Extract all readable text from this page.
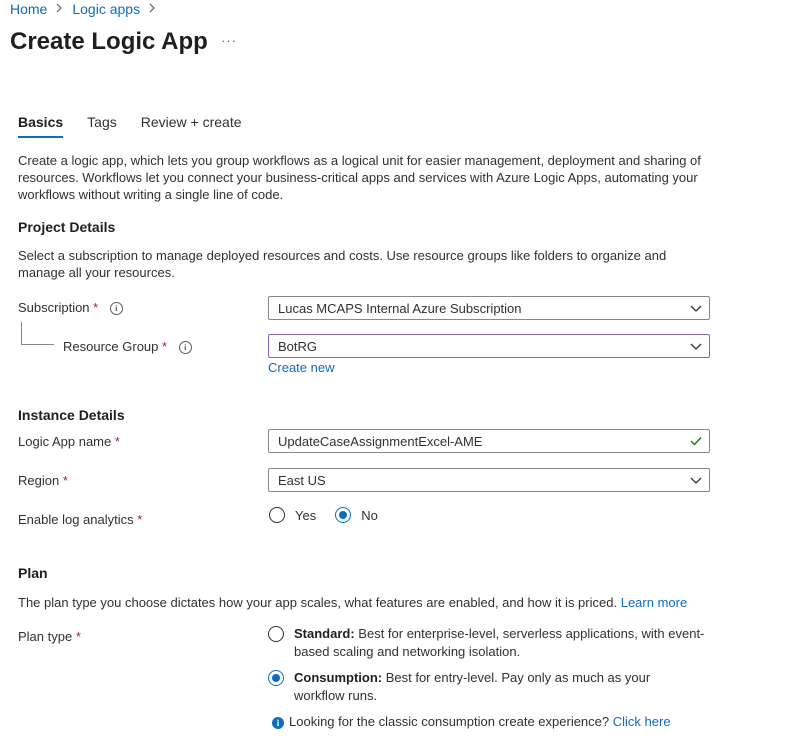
Home Logic apps
Create Logic App ···
Basics Tags Review + create
Create a logic app, which lets you group workflows as a logical unit for easier management, deployment and sharing of resources. Workflows let you connect your business-critical apps and services with Azure Logic Apps, automating your workflows without writing a single line of code.
Project Details
Select a subscription to manage deployed resources and costs. Use resource groups like folders to organize and manage all your resources.
Subscription * i	Lucas MCAPS Internal Azure Subscription
Resource Group * i	BotRG
Create new
Instance Details
Logic App name *	UpdateCaseAssignmentExcel-AME
Region *	East US
Enable log analytics *	Yes	No
Plan
The plan type you choose dictates how your app scales, what features are enabled, and how it is priced. Learn more
Plan type *	Standard: Best for enterprise-level, serverless applications, with event-based scaling and networking isolation.
Consumption: Best for entry-level. Pay only as much as your workflow runs.
i Looking for the classic consumption create experience? Click here
